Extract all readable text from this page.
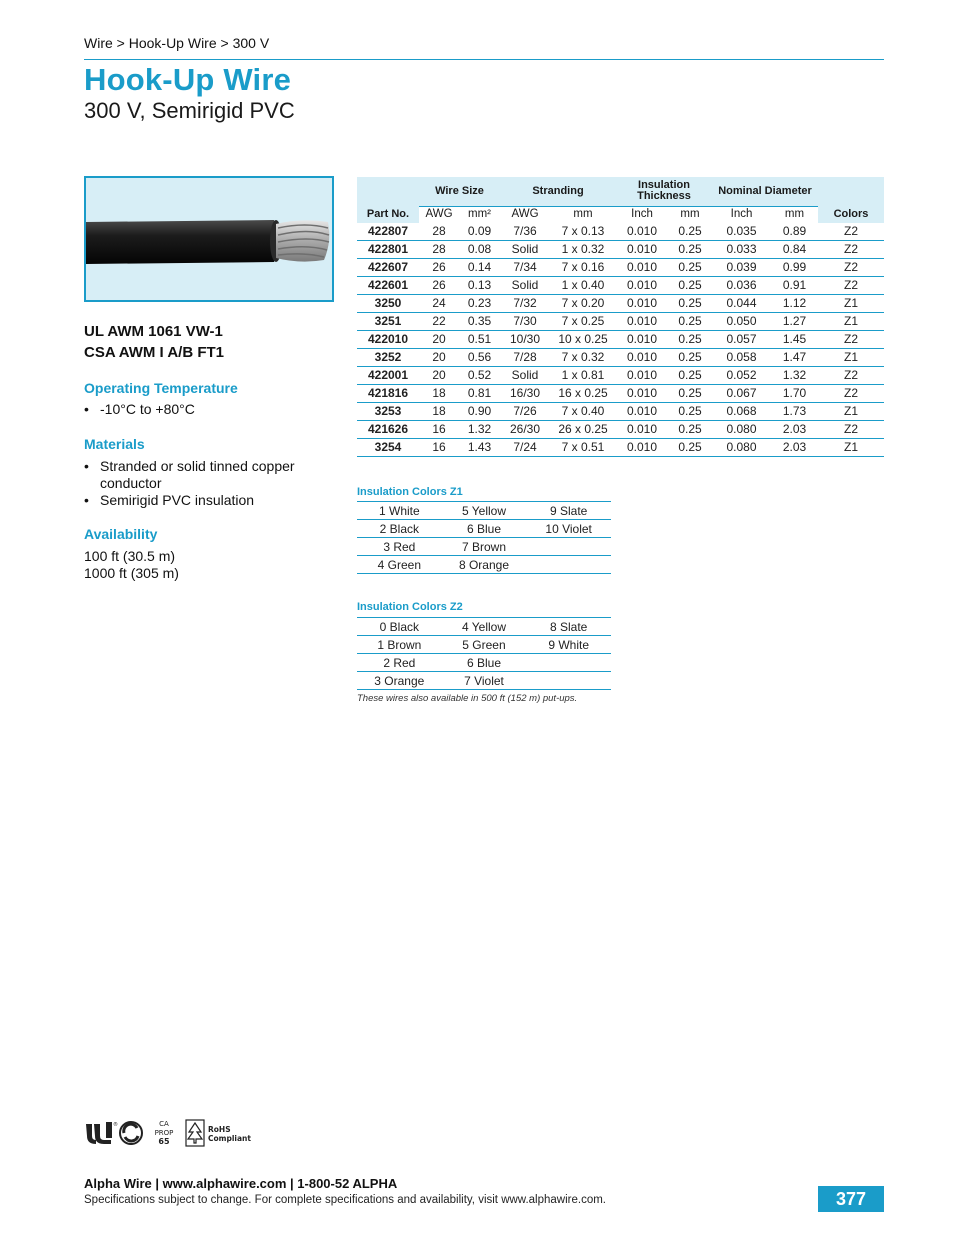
Wire > Hook-Up Wire > 300 V
Hook-Up Wire
300 V, Semirigid PVC
UL AWM 1061 VW-1
CSA AWM I A/B FT1
Operating Temperature
• -10°C to +80°C
Materials
• Stranded or solid tinned copper conductor
• Semirigid PVC insulation
Availability
100 ft (30.5 m)
1000 ft (305 m)
Part No.	Wire Size		Stranding		Insulation Thickness		Nominal Diameter		Colors
	AWG	mm²	AWG	mm	Inch	mm	Inch	mm	
422807	28	0.09	7/36	7 x 0.13	0.010	0.25	0.035	0.89	Z2
422801	28	0.08	Solid	1 x 0.32	0.010	0.25	0.033	0.84	Z2
422607	26	0.14	7/34	7 x 0.16	0.010	0.25	0.039	0.99	Z2
422601	26	0.13	Solid	1 x 0.40	0.010	0.25	0.036	0.91	Z2
3250	24	0.23	7/32	7 x 0.20	0.010	0.25	0.044	1.12	Z1
3251	22	0.35	7/30	7 x 0.25	0.010	0.25	0.050	1.27	Z1
422010	20	0.51	10/30	10 x 0.25	0.010	0.25	0.057	1.45	Z2
3252	20	0.56	7/28	7 x 0.32	0.010	0.25	0.058	1.47	Z1
422001	20	0.52	Solid	1 x 0.81	0.010	0.25	0.052	1.32	Z2
421816	18	0.81	16/30	16 x 0.25	0.010	0.25	0.067	1.70	Z2
3253	18	0.90	7/26	7 x 0.40	0.010	0.25	0.068	1.73	Z1
421626	16	1.32	26/30	26 x 0.25	0.010	0.25	0.080	2.03	Z2
3254	16	1.43	7/24	7 x 0.51	0.010	0.25	0.080	2.03	Z1
Insulation Colors Z1
1 White	5 Yellow	9 Slate
2 Black	6 Blue	10 Violet
3 Red	7 Brown	
4 Green	8 Orange	
Insulation Colors Z2
0 Black	4 Yellow	8 Slate
1 Brown	5 Green	9 White
2 Red	6 Blue	
3 Orange	7 Violet	
These wires also available in 500 ft (152 m) put-ups.
®	CA
PROP
65
RoHS
Compliant
Alpha Wire | www.alphawire.com | 1-800-52 ALPHA
Specifications subject to change. For complete specifications and availability, visit www.alphawire.com.	377
